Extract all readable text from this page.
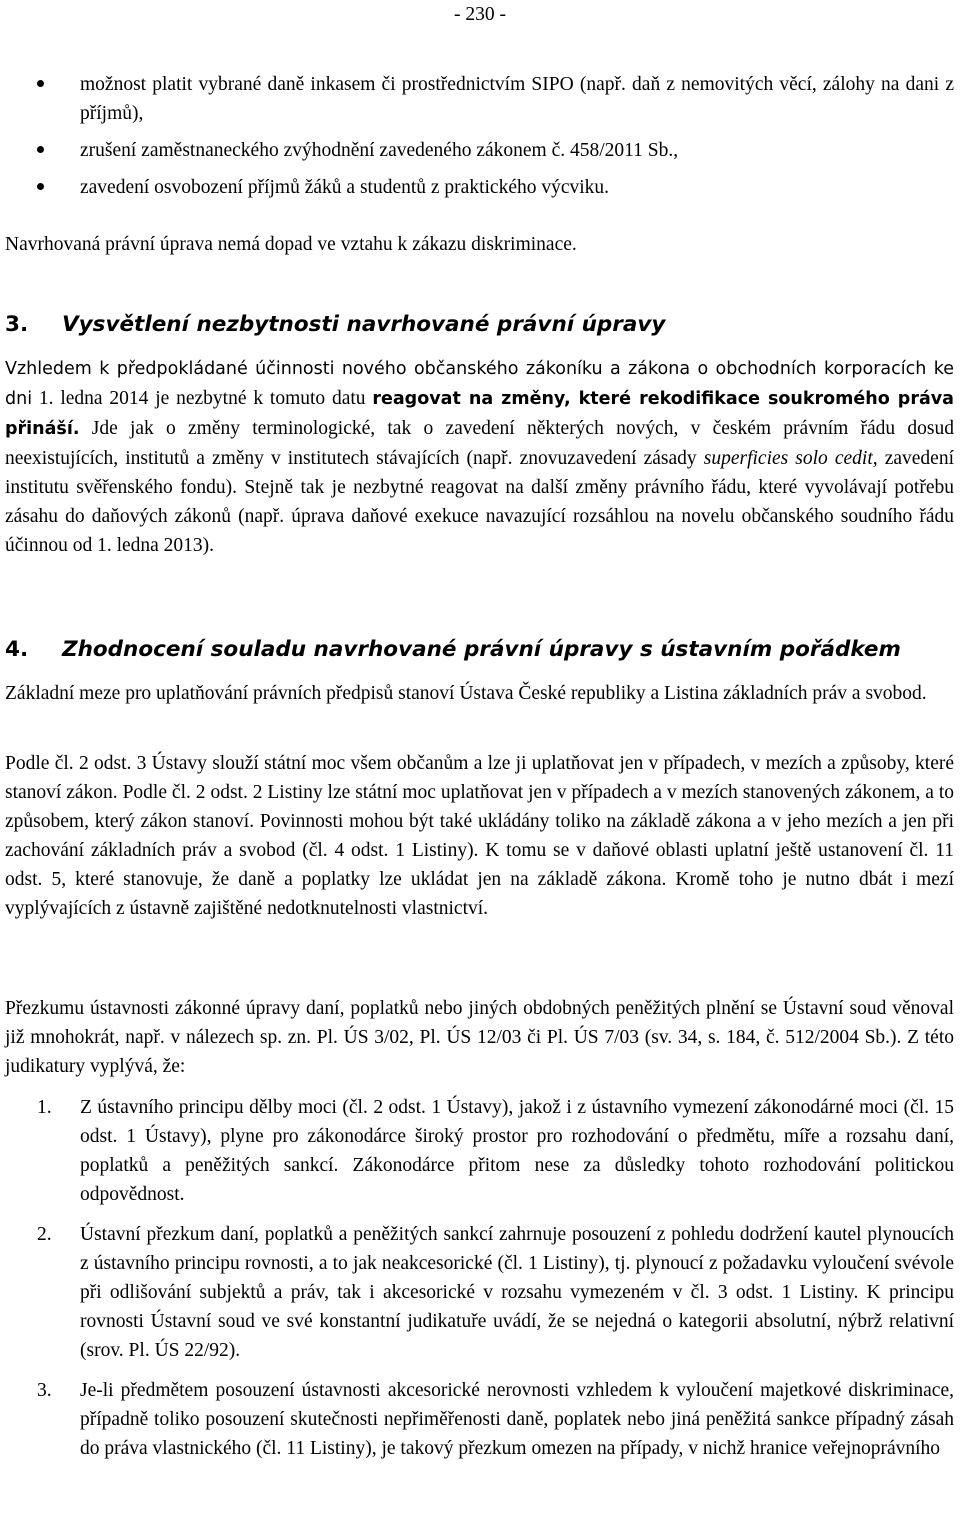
- 230 -
možnost platit vybrané daně inkasem či prostřednictvím SIPO (např. daň z nemovitých věcí, zálohy na dani z příjmů),
zrušení zaměstnaneckého zvýhodnění zavedeného zákonem č. 458/2011 Sb.,
zavedení osvobození příjmů žáků a studentů z praktického výcviku.

Navrhovaná právní úprava nemá dopad ve vztahu k zákazu diskriminace.

3. Vysvětlení nezbytnosti navrhované právní úpravy

Vzhledem k předpokládané účinnosti nového občanského zákoníku a zákona o obchodních korporacích ke dni 1. ledna 2014 je nezbytné k tomuto datu reagovat na změny, které rekodifikace soukromého práva přináší. Jde jak o změny terminologické, tak o zavedení některých nových, v českém právním řádu dosud neexistujících, institutů a změny v institutech stávajících (např. znovuzavedení zásady superficies solo cedit, zavedení institutu svěřenského fondu). Stejně tak je nezbytné reagovat na další změny právního řádu, které vyvolávají potřebu zásahu do daňových zákonů (např. úprava daňové exekuce navazující rozsáhlou na novelu občanského soudního řádu účinnou od 1. ledna 2013).

4. Zhodnocení souladu navrhované právní úpravy s ústavním pořádkem

Základní meze pro uplatňování právních předpisů stanoví Ústava České republiky a Listina základních práv a svobod.

Podle čl. 2 odst. 3 Ústavy slouží státní moc všem občanům a lze ji uplatňovat jen v případech, v mezích a způsoby, které stanoví zákon. Podle čl. 2 odst. 2 Listiny lze státní moc uplatňovat jen v případech a v mezích stanovených zákonem, a to způsobem, který zákon stanoví. Povinnosti mohou být také ukládány toliko na základě zákona a v jeho mezích a jen při zachování základních práv a svobod (čl. 4 odst. 1 Listiny). K tomu se v daňové oblasti uplatní ještě ustanovení čl. 11 odst. 5, které stanovuje, že daně a poplatky lze ukládat jen na základě zákona. Kromě toho je nutno dbát i mezí vyplývajících z ústavně zajištěné nedotknutelnosti vlastnictví.

Přezkumu ústavnosti zákonné úpravy daní, poplatků nebo jiných obdobných peněžitých plnění se Ústavní soud věnoval již mnohokrát, např. v nálezech sp. zn. Pl. ÚS 3/02, Pl. ÚS 12/03 či Pl. ÚS 7/03 (sv. 34, s. 184, č. 512/2004 Sb.). Z této judikatury vyplývá, že:

1.	Z ústavního principu dělby moci (čl. 2 odst. 1 Ústavy), jakož i z ústavního vymezení zákonodárné moci (čl. 15 odst. 1 Ústavy), plyne pro zákonodárce široký prostor pro rozhodování o předmětu, míře a rozsahu daní, poplatků a peněžitých sankcí. Zákonodárce přitom nese za důsledky tohoto rozhodování politickou odpovědnost.
2.	Ústavní přezkum daní, poplatků a peněžitých sankcí zahrnuje posouzení z pohledu dodržení kautel plynoucích z ústavního principu rovnosti, a to jak neakcesorické (čl. 1 Listiny), tj. plynoucí z požadavku vyloučení svévole při odlišování subjektů a práv, tak i akcesorické v rozsahu vymezeném v čl. 3 odst. 1 Listiny. K principu rovnosti Ústavní soud ve své konstantní judikatuře uvádí, že se nejedná o kategorii absolutní, nýbrž relativní (srov. Pl. ÚS 22/92).
3.	Je-li předmětem posouzení ústavnosti akcesorické nerovnosti vzhledem k vyloučení majetkové diskriminace, případně toliko posouzení skutečnosti nepřiměřenosti daně, poplatek nebo jiná peněžitá sankce případný zásah do práva vlastnického (čl. 11 Listiny), je takový přezkum omezen na případy, v nichž hranice veřejnoprávního
